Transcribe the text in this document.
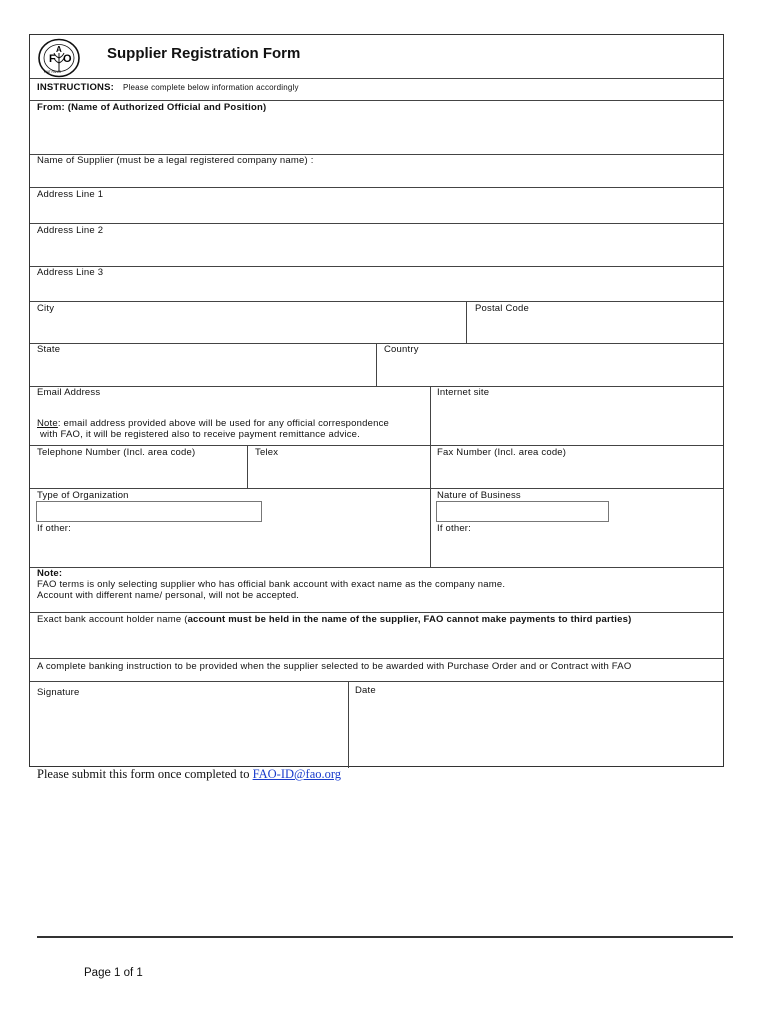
F O
A
FIAT PANIS
Supplier Registration Form
INSTRUCTIONS: Please complete below information accordingly
From: (Name of Authorized Official and Position)
Name of Supplier (must be a legal registered company name) :
Address Line 1
Address Line 2
Address Line 3
City	Postal Code
State	Country
Email Address
Note: email address provided above will be used for any official correspondence
with FAO, it will be registered also to receive payment remittance advice.
Internet site
Telephone Number (Incl. area code)	Telex	Fax Number (Incl. area code)
Type of Organization
If other:
Nature of Business
If other:
Note:
FAO terms is only selecting supplier who has official bank account with exact name as the company name.
Account with different name/ personal, will not be accepted.
Exact bank account holder name (account must be held in the name of the supplier, FAO cannot make payments to third parties)
A complete banking instruction to be provided when the supplier selected to be awarded with Purchase Order and or Contract with FAO
Signature	Date
Please submit this form once completed to FAO-ID@fao.org
Page 1 of 1
